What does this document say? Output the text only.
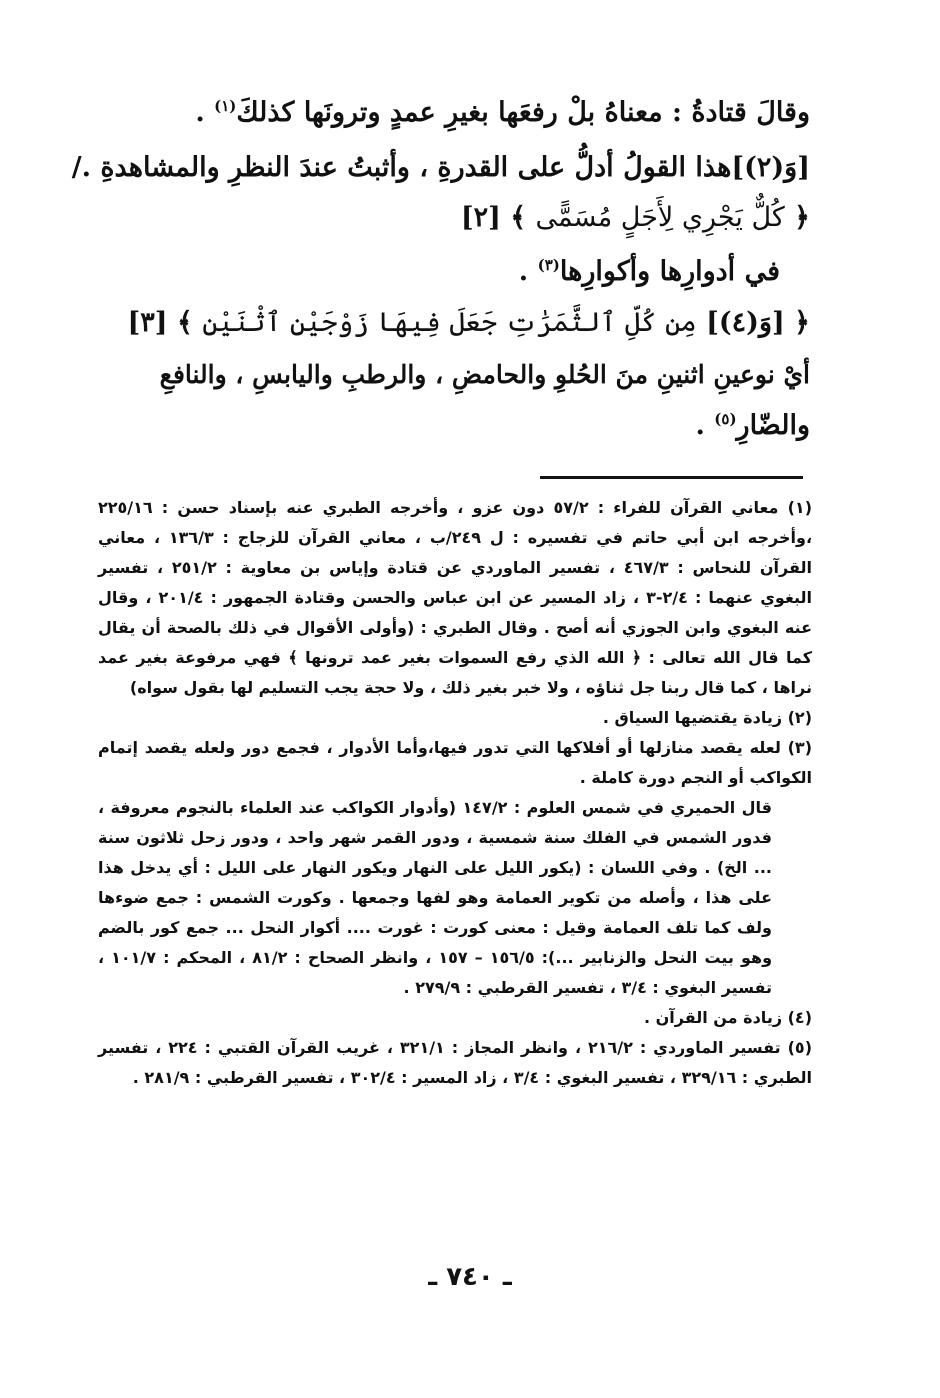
وقالَ قتادةُ : معناهُ بلْ رفعَها بغيرِ عمدٍ وترونَها كذلكَ$^{(١)}$ .
[وَ(٢)]هذا القولُ أدلُّ على القدرةِ ، وأثبتُ عندَ النظرِ والمشاهدةِ ./
﴿ كُلٌّ يَجْرِي لِأَجَلٍ مُسَمًّى ﴾ [٢]
في أدوارِها وأكوارِها$^{(٣)}$ .
﴿ [وَ(٤)] مِن كُلِّ ٱلثَّمَرَٰتِ جَعَلَ فِيهَا زَوْجَيْنِ ٱثْنَيْنِ ﴾ [٣]
أيْ نوعينِ اثنينِ منَ الحُلوِ والحامضِ ، والرطبِ واليابسِ ، والنافعِ
والضّارِ$^{(٥)}$ .

(١) معاني القرآن للفراء : ٥٧/٢ دون عزو ، وأخرجه الطبري عنه بإسناد حسن : ٢٢٥/١٦ ،وأخرجه ابن أبي حاتم في تفسيره : ل ٢٤٩/ب ، معاني القرآن للزجاج : ١٣٦/٣ ، معاني القرآن للنحاس : ٤٦٧/٣ ، تفسير الماوردي عن قتادة وإياس بن معاوية : ٢٥١/٢ ، تفسير البغوي عنهما : ٢/٤-٣ ، زاد المسير عن ابن عباس والحسن وقتادة الجمهور : ٢٠١/٤ ، وقال عنه البغوي وابن الجوزي أنه أصح . وقال الطبري : (وأولى الأقوال في ذلك بالصحة أن يقال كما قال الله تعالى : ﴿ الله الذي رفع السموات بغير عمد ترونها ﴾ فهي مرفوعة بغير عمد نراها ، كما قال ربنا جل ثناؤه ، ولا خبر بغير ذلك ، ولا حجة يجب التسليم لها بقول سواه)

(٢) زيادة يقتضيها السياق .

(٣) لعله يقصد منازلها أو أفلاكها التي تدور فيها،وأما الأدوار ، فجمع دور ولعله يقصد إتمام الكواكب أو النجم دورة كاملة .

قال الحميري في شمس العلوم : ١٤٧/٢ (وأدوار الكواكب عند العلماء بالنجوم معروفة ، فدور الشمس في الفلك سنة شمسية ، ودور القمر شهر واحد ، ودور زحل ثلاثون سنة ... الخ) . وفي اللسان : (يكور الليل على النهار ويكور النهار على الليل : أي يدخل هذا على هذا ، وأصله من تكوير العمامة وهو لفها وجمعها . وكورت الشمس : جمع ضوءها ولف كما تلف العمامة وقيل : معنى كورت : غورت .... أكوار النحل ... جمع كور بالضم وهو بيت النحل والزنابير ...): ١٥٦/٥ – ١٥٧ ، وانظر الصحاح : ٨١/٢ ، المحكم : ١٠١/٧ ، تفسير البغوي : ٣/٤ ، تفسير القرطبي : ٢٧٩/٩ .

(٤) زيادة من القرآن .

(٥) تفسير الماوردي : ٢١٦/٢ ، وانظر المجاز : ٣٢١/١ ، غريب القرآن القتبي : ٢٢٤ ، تفسير الطبري : ٣٢٩/١٦ ، تفسير البغوي : ٣/٤ ، زاد المسير : ٣٠٢/٤ ، تفسير القرطبي : ٢٨١/٩ .

ـ ٧٤٠ ـ
